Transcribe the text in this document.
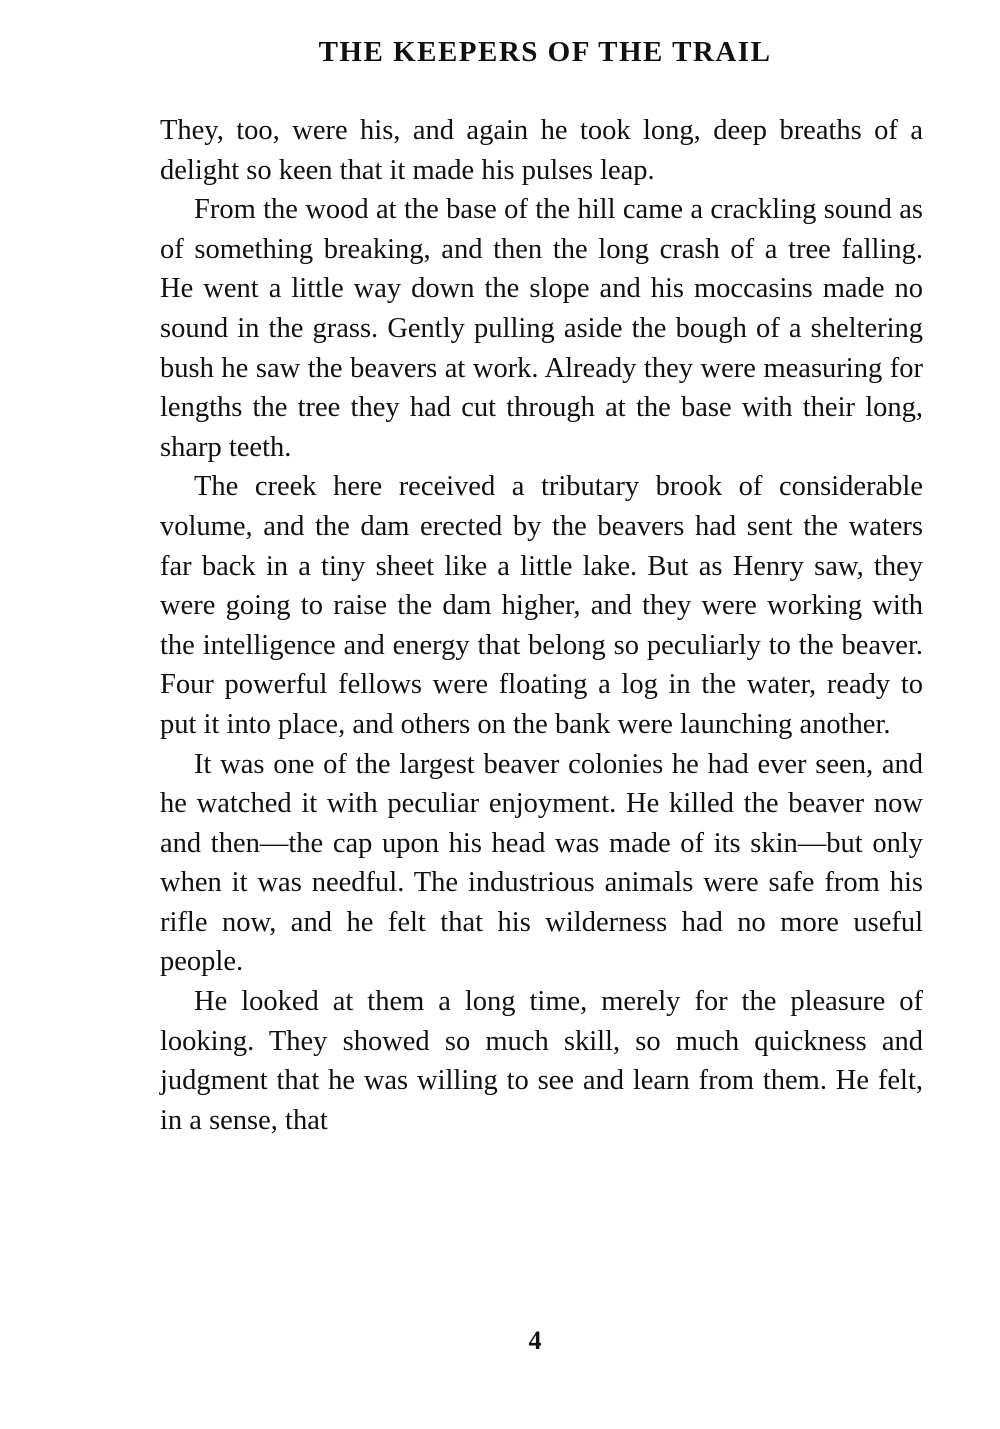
THE KEEPERS OF THE TRAIL

They, too, were his, and again he took long, deep breaths of a delight so keen that it made his pulses leap.

From the wood at the base of the hill came a crackling sound as of something breaking, and then the long crash of a tree falling. He went a little way down the slope and his moccasins made no sound in the grass. Gently pulling aside the bough of a sheltering bush he saw the beavers at work. Already they were measuring for lengths the tree they had cut through at the base with their long, sharp teeth.

The creek here received a tributary brook of considerable volume, and the dam erected by the beavers had sent the waters far back in a tiny sheet like a little lake. But as Henry saw, they were going to raise the dam higher, and they were working with the intelligence and energy that belong so peculiarly to the beaver. Four powerful fellows were floating a log in the water, ready to put it into place, and others on the bank were launching another.

It was one of the largest beaver colonies he had ever seen, and he watched it with peculiar enjoyment. He killed the beaver now and then—the cap upon his head was made of its skin—but only when it was needful. The industrious animals were safe from his rifle now, and he felt that his wilderness had no more useful people.

He looked at them a long time, merely for the pleasure of looking. They showed so much skill, so much quickness and judgment that he was willing to see and learn from them. He felt, in a sense, that

4
